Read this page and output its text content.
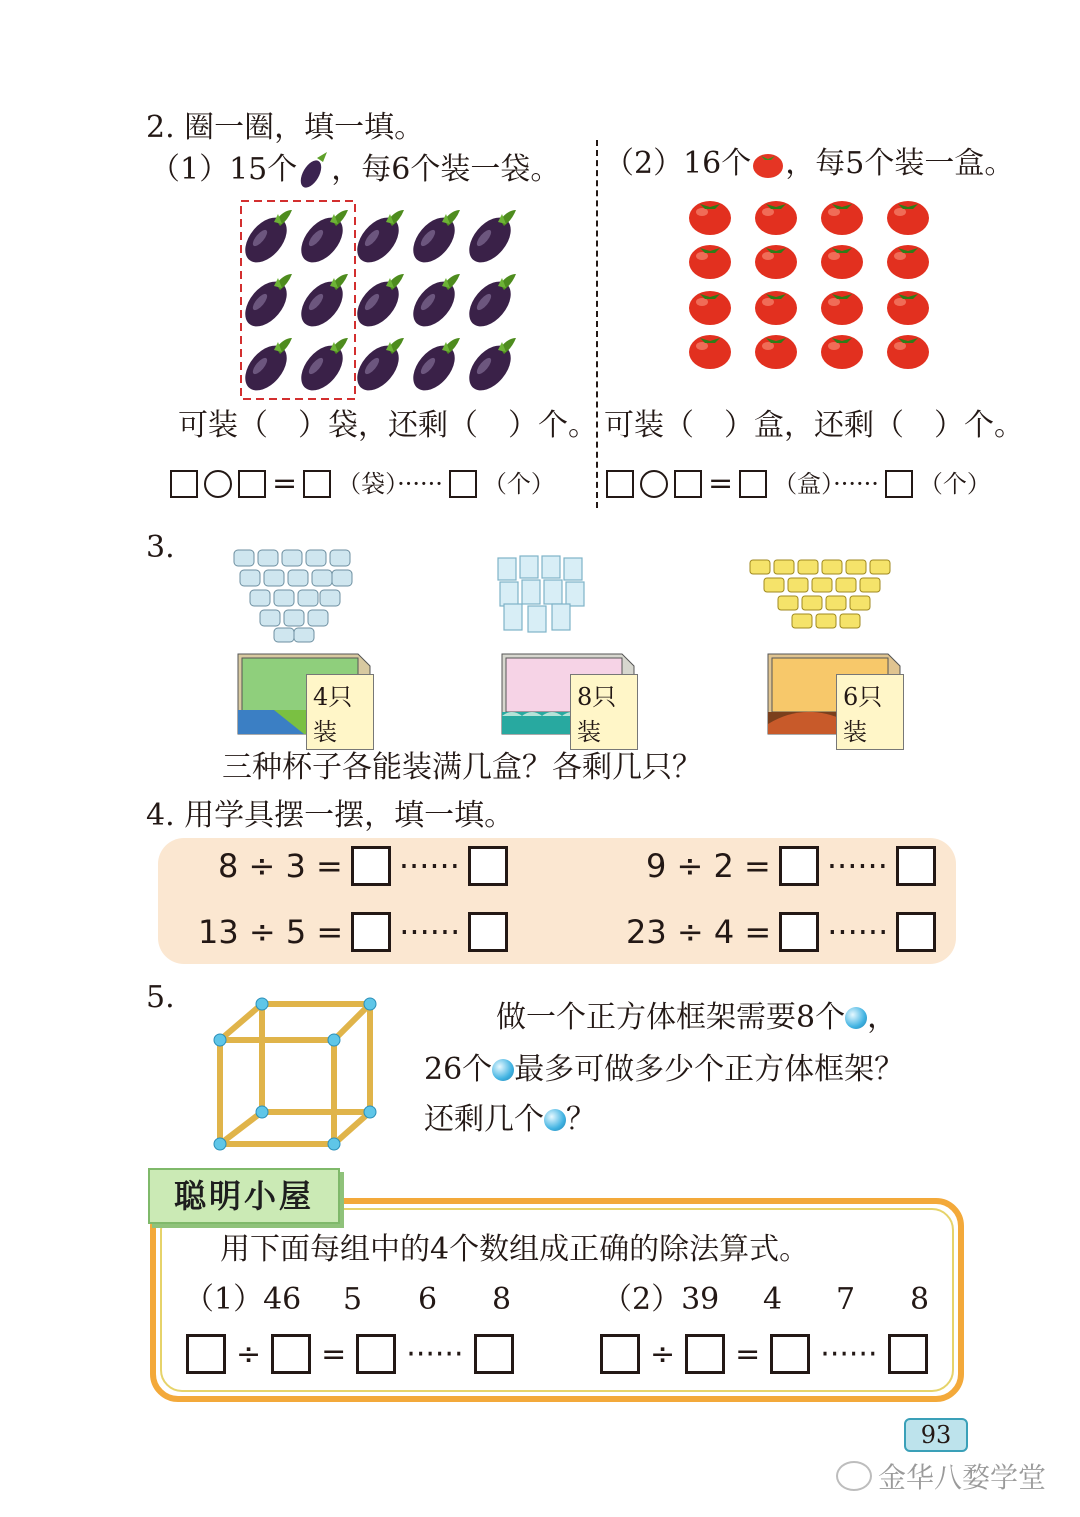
2. 圈一圈，填一填。
（1）15个 ，每6个装一袋。
可装（　）袋，还剩（　）个。
= （袋）······ （个）
（2）16个 ，每5个装一盒。
可装（　）盒，还剩（　）个。
= （盒）······ （个）
3.
4只装
8只装
6只装
三种杯子各能装满几盒？各剩几只？
4. 用学具摆一摆，填一填。
8 ÷ 3 = ······	9 ÷ 2 = ······
13 ÷ 5 = ······	23 ÷ 4 = ······
5.
做一个正方体框架需要8个 ，
26个 最多可做多少个正方体框架？
还剩几个 ？
聪明小屋
用下面每组中的4个数组成正确的除法算式。
（1）46 5 6 8	（2）39 4 7 8
÷ = ······	÷ = ······
93
金华八婺学堂
